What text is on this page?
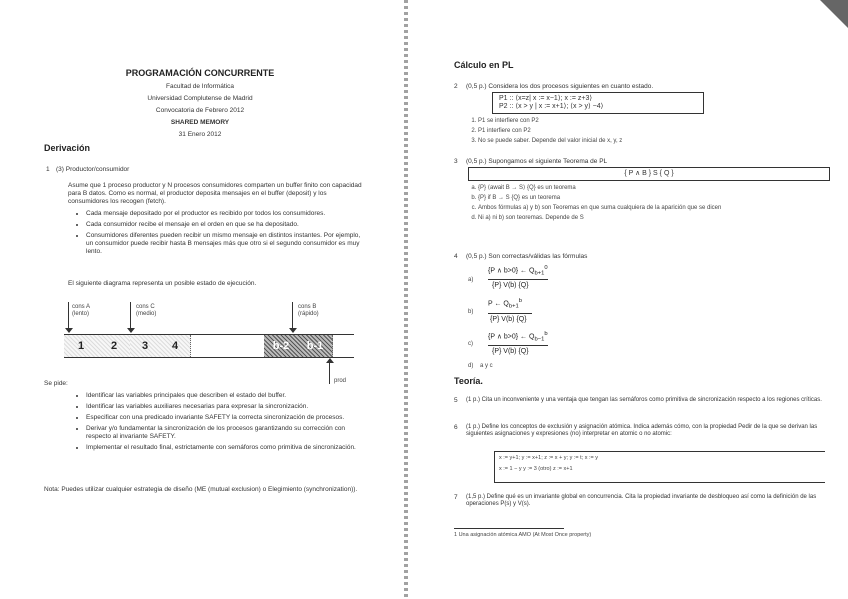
PROGRAMACIÓN CONCURRENTE
Facultad de Informática
Universidad Complutense de Madrid
Convocatoria de Febrero 2012
SHARED MEMORY
31 Enero 2012
Derivación
1 (3) Productor/consumidor
Asume que 1 proceso productor y N procesos consumidores comparten un buffer finito con capacidad para B datos. Como es normal, el productor deposita mensajes en el buffer (deposit) y los consumidores los recogen (fetch).
• Cada mensaje depositado por el productor es recibido por todos los consumidores.
• Cada consumidor recibe el mensaje en el orden en que se ha depositado.
• Consumidores diferentes pueden recibir un mismo mensaje en distintos instantes. Por ejemplo, un consumidor puede recibir hasta B mensajes más que otro si el segundo consumidor es muy lento.
El siguiente diagrama representa un posible estado de ejecución.
cons A
(lento)
cons C
(medio)
cons B
(rápido)
1	2	3	4	b-2	b-1
prod
Se pide:
• Identificar las variables principales que describen el estado del buffer.
• Identificar las variables auxiliares necesarias para expresar la sincronización.
• Especificar con una predicado invariante SAFETY la correcta sincronización de procesos.
• Derivar y/o fundamentar la sincronización de los procesos garantizando su corrección con respecto al invariante SAFETY.
• Implementar el resultado final, estrictamente con semáforos como primitiva de sincronización.
Nota: Puedes utilizar cualquier estrategia de diseño (ME (mutual exclusion) o Elegimiento (synchronization)).
Cálculo en PL
2 (0,5 p.) Considera los dos procesos siguientes en cuanto estado.
P1 :: ⟨x=z| x := x−1⟩; x := z+3⟩
P2 :: ⟨x > y | x := x+1⟩; ⟨x > y⟩ −4⟩
1. P1 se interfiere con P2
2. P1 interfiere con P2
3. No se puede saber. Depende del valor inicial de x, y, z
3 (0,5 p.) Supongamos el siguiente Teorema de PL
{ P ∧ B } S { Q }
a. {P} ⟨await B → S⟩ {Q} es un teorema
b. {P} if B → S {Q} es un teorema
c. Ambos fórmulas a) y b) son Teoremas en que suma cualquiera de la aparición que se dicen
d. Ni a) ni b) son teoremas. Depende de S
4 (0,5 p.) Son correctas/válidas las fórmulas
a)
{P ∧ b>0} ← $Q_{b+1}^0$
{P} V(b) {Q}
b)
P ← $Q_{b+1}^b$
{P} V(b) {Q}
c)
{P ∧ b>0} ← $Q_{b-1}^b$
{P} V(b) {Q}
d) a y c
Teoría.
5 (1 p.) Cita un inconveniente y una ventaja que tengan las semáforos como primitiva de sincronización respecto a los regiones críticas.
6 (1 p.) Define los conceptos de exclusión y asignación atómica. Indica además cómo, con la propiedad Pedir de la que se derivan las siguientes asignaciones y expresiones (no) interpretar en atomic o no atomic:
x := y+1; y := x+1; z := x + y; y := t; x := y
x := 1 − y y := 3 (otro) z := x+1
7 (1,5 p.) Define qué es un invariante global en concurrencia. Cita la propiedad invariante de desbloqueo así como la definición de las operaciones P(s) y V(s).
1 Una asignación atómica AMO (At Most Once property)
